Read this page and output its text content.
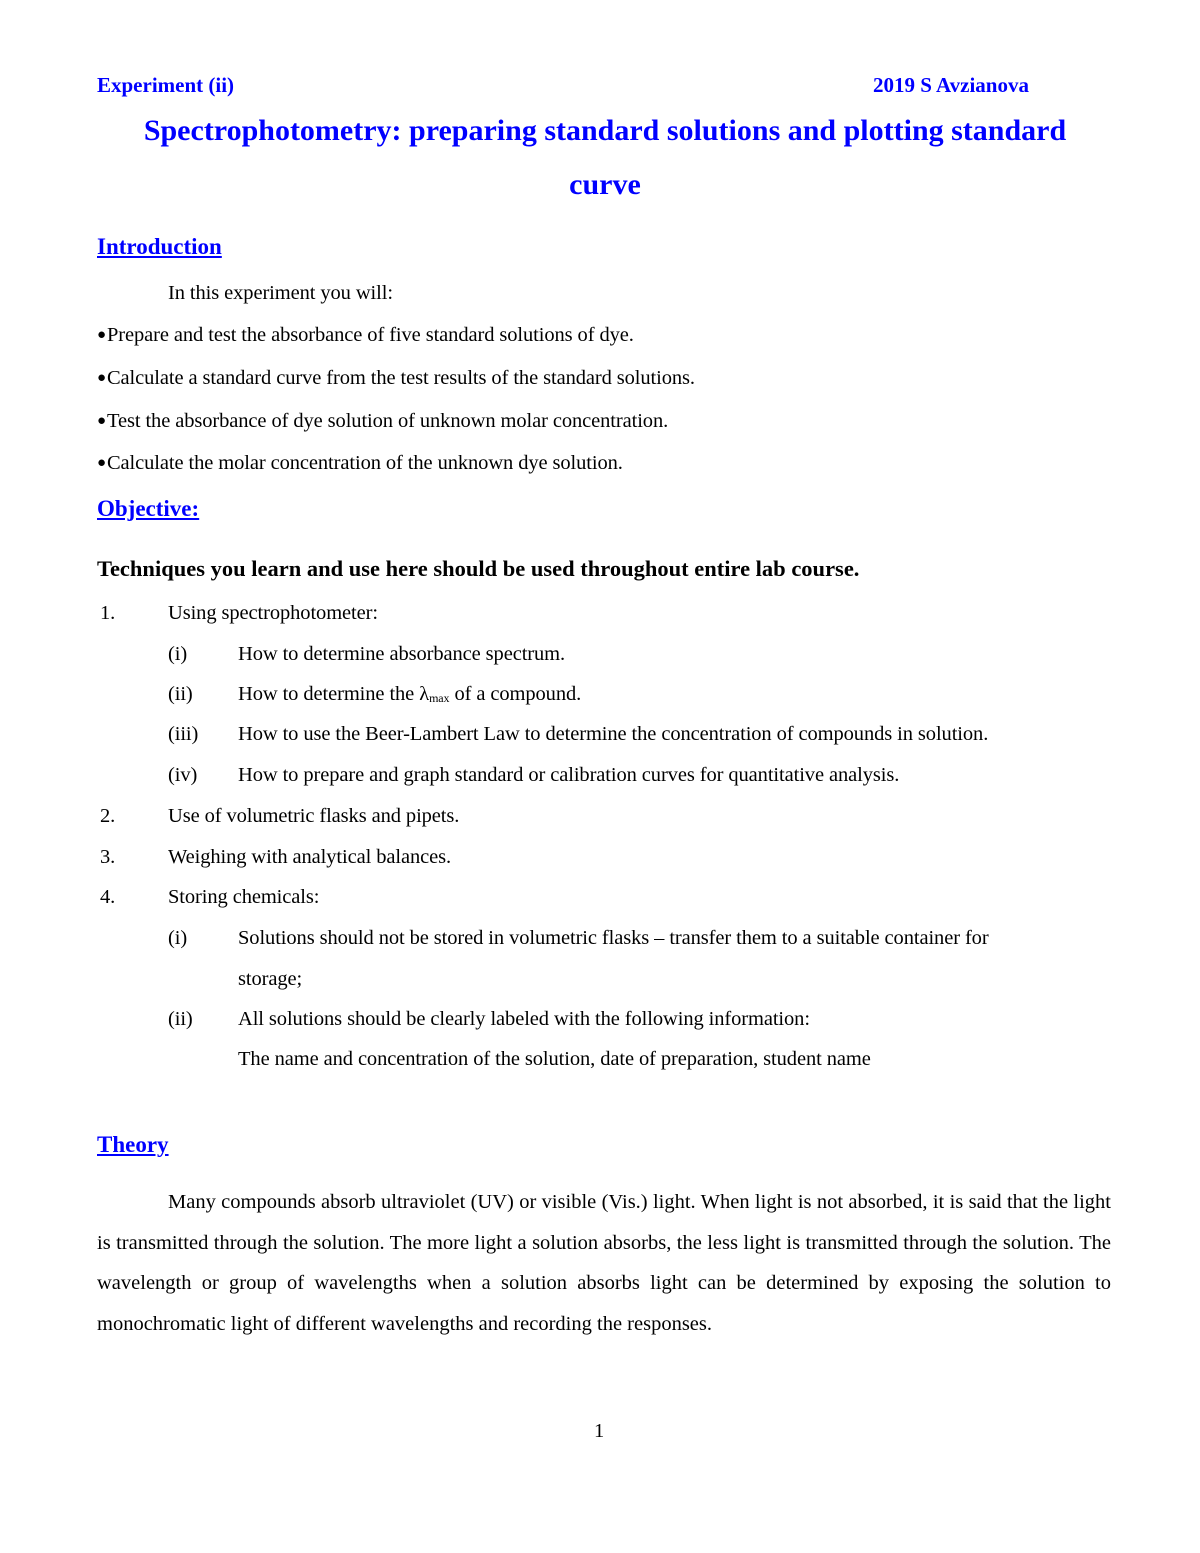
Experiment (ii)	2019 S Avzianova
Spectrophotometry: preparing standard solutions and plotting standard
curve
Introduction
In this experiment you will:
●Prepare and test the absorbance of five standard solutions of dye.
●Calculate a standard curve from the test results of the standard solutions.
●Test the absorbance of dye solution of unknown molar concentration.
●Calculate the molar concentration of the unknown dye solution.
Objective:
Techniques you learn and use here should be used throughout entire lab course.
1.	Using spectrophotometer:
(i) How to determine absorbance spectrum.
(ii) How to determine the λmax of a compound.
(iii) How to use the Beer-Lambert Law to determine the concentration of compounds in solution.
(iv) How to prepare and graph standard or calibration curves for quantitative analysis.
2.	Use of volumetric flasks and pipets.
3.	Weighing with analytical balances.
4.	Storing chemicals:
(i) Solutions should not be stored in volumetric flasks – transfer them to a suitable container for
storage;
(ii) All solutions should be clearly labeled with the following information:
The name and concentration of the solution, date of preparation, student name
Theory

Many compounds absorb ultraviolet (UV) or visible (Vis.) light. When light is not absorbed, it is said that the light is transmitted through the solution. The more light a solution absorbs, the less light is transmitted through the solution. The wavelength or group of wavelengths when a solution absorbs light can be determined by exposing the solution to monochromatic light of different wavelengths and recording the responses.

1
